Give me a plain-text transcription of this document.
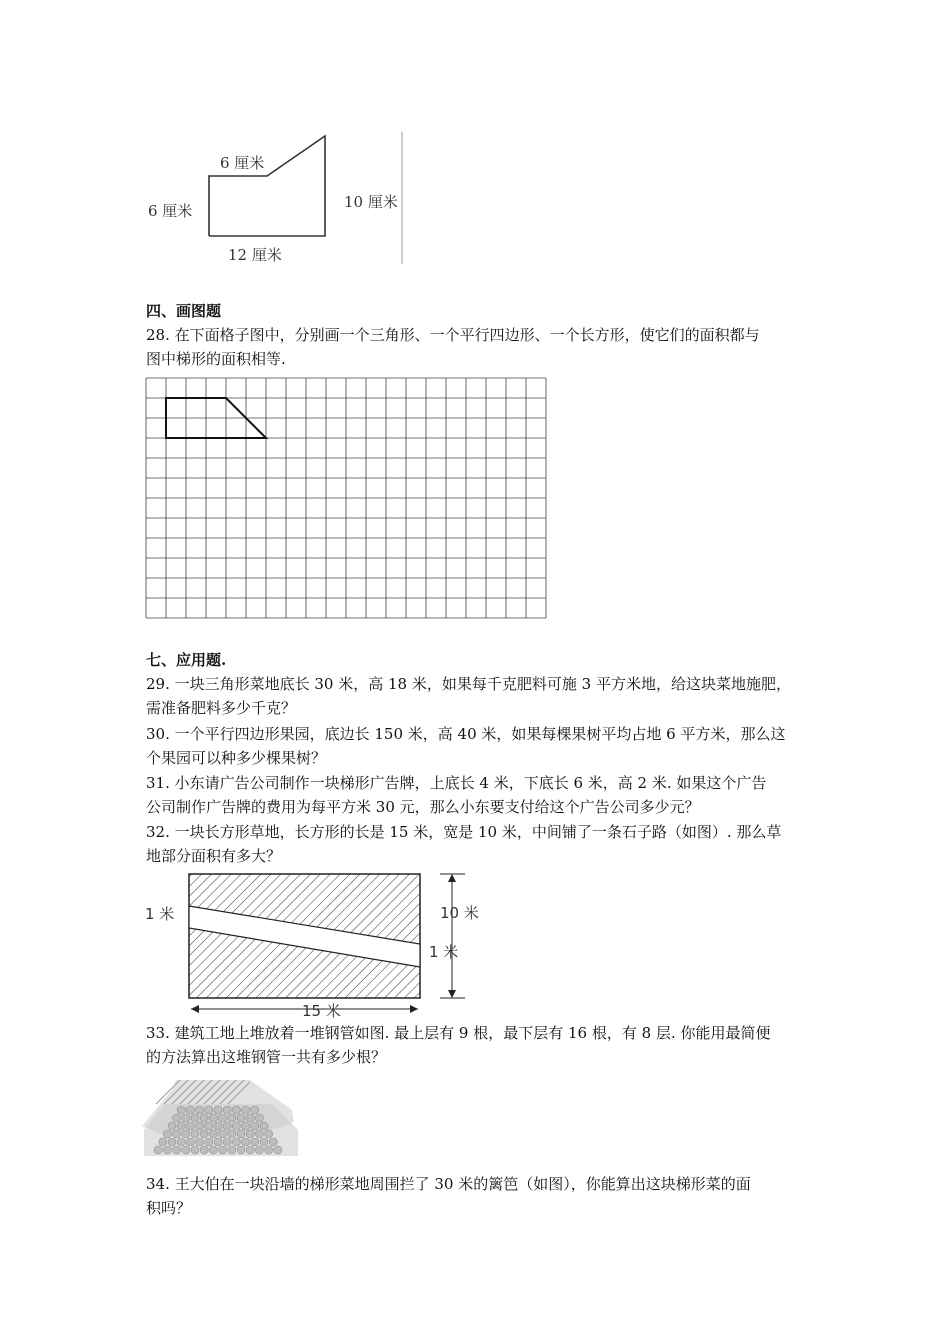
6 厘米
6 厘米	10 厘米
12 厘米
四、画图题
28. 在下面格子图中，分别画一个三角形、一个平行四边形、一个长方形，使它们的面积都与
图中梯形的面积相等.
七、应用题.
29. 一块三角形菜地底长 30 米，高 18 米，如果每千克肥料可施 3 平方米地，给这块菜地施肥，
需准备肥料多少千克？
30. 一个平行四边形果园，底边长 150 米，高 40 米，如果每棵果树平均占地 6 平方米，那么这
个果园可以种多少棵果树？
31. 小东请广告公司制作一块梯形广告牌，上底长 4 米，下底长 6 米，高 2 米. 如果这个广告
公司制作广告牌的费用为每平方米 30 元，那么小东要支付给这个广告公司多少元？
32. 一块长方形草地，长方形的长是 15 米，宽是 10 米，中间铺了一条石子路（如图）. 那么草
地部分面积有多大？
1 米	10 米
1 米
15 米
33. 建筑工地上堆放着一堆钢管如图. 最上层有 9 根，最下层有 16 根，有 8 层. 你能用最简便
的方法算出这堆钢管一共有多少根？
34. 王大伯在一块沿墙的梯形菜地周围拦了 30 米的篱笆（如图），你能算出这块梯形菜的面
积吗？
